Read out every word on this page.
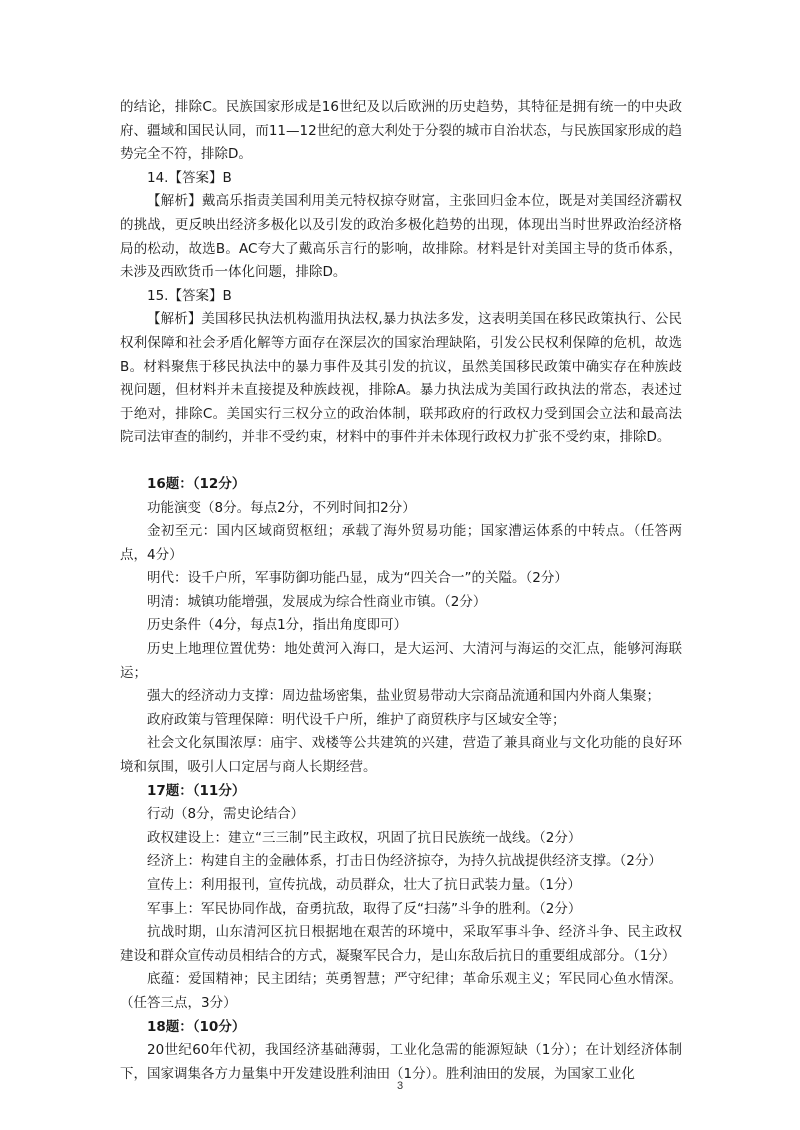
的结论，排除C。民族国家形成是16世纪及以后欧洲的历史趋势，其特征是拥有统一的中央政府、疆域和国民认同，而11—12世纪的意大利处于分裂的城市自治状态，与民族国家形成的趋势完全不符，排除D。

14.【答案】B

【解析】戴高乐指责美国利用美元特权掠夺财富，主张回归金本位，既是对美国经济霸权的挑战，更反映出经济多极化以及引发的政治多极化趋势的出现，体现出当时世界政治经济格局的松动，故选B。AC夸大了戴高乐言行的影响，故排除。材料是针对美国主导的货币体系，未涉及西欧货币一体化问题，排除D。

15.【答案】B

【解析】美国移民执法机构滥用执法权,暴力执法多发，这表明美国在移民政策执行、公民权利保障和社会矛盾化解等方面存在深层次的国家治理缺陷，引发公民权利保障的危机，故选B。材料聚焦于移民执法中的暴力事件及其引发的抗议，虽然美国移民政策中确实存在种族歧视问题，但材料并未直接提及种族歧视，排除A。暴力执法成为美国行政执法的常态，表述过于绝对，排除C。美国实行三权分立的政治体制，联邦政府的行政权力受到国会立法和最高法院司法审查的制约，并非不受约束，材料中的事件并未体现行政权力扩张不受约束，排除D。

16题：（12分）

功能演变（8分。每点2分，不列时间扣2分）

金初至元：国内区域商贸枢纽；承载了海外贸易功能；国家漕运体系的中转点。（任答两点，4分）

明代：设千户所，军事防御功能凸显，成为“四关合一”的关隘。（2分）

明清：城镇功能增强，发展成为综合性商业市镇。（2分）

历史条件（4分，每点1分，指出角度即可）

历史上地理位置优势：地处黄河入海口，是大运河、大清河与海运的交汇点，能够河海联运；

强大的经济动力支撑：周边盐场密集，盐业贸易带动大宗商品流通和国内外商人集聚；

政府政策与管理保障：明代设千户所，维护了商贸秩序与区域安全等；

社会文化氛围浓厚：庙宇、戏楼等公共建筑的兴建，营造了兼具商业与文化功能的良好环境和氛围，吸引人口定居与商人长期经营。

17题：（11分）

行动（8分，需史论结合）

政权建设上：建立“三三制”民主政权，巩固了抗日民族统一战线。（2分）

经济上：构建自主的金融体系，打击日伪经济掠夺，为持久抗战提供经济支撑。（2分）

宣传上：利用报刊，宣传抗战，动员群众，壮大了抗日武装力量。（1分）

军事上：军民协同作战，奋勇抗敌，取得了反“扫荡”斗争的胜利。（2分）

抗战时期，山东清河区抗日根据地在艰苦的环境中，采取军事斗争、经济斗争、民主政权建设和群众宣传动员相结合的方式，凝聚军民合力，是山东敌后抗日的重要组成部分。（1分）

底蕴：爱国精神；民主团结；英勇智慧；严守纪律；革命乐观主义；军民同心鱼水情深。（任答三点，3分）

18题：（10分）

20世纪60年代初，我国经济基础薄弱，工业化急需的能源短缺（1分）；在计划经济体制下，国家调集各方力量集中开发建设胜利油田（1分）。胜利油田的发展，为国家工业化

3
